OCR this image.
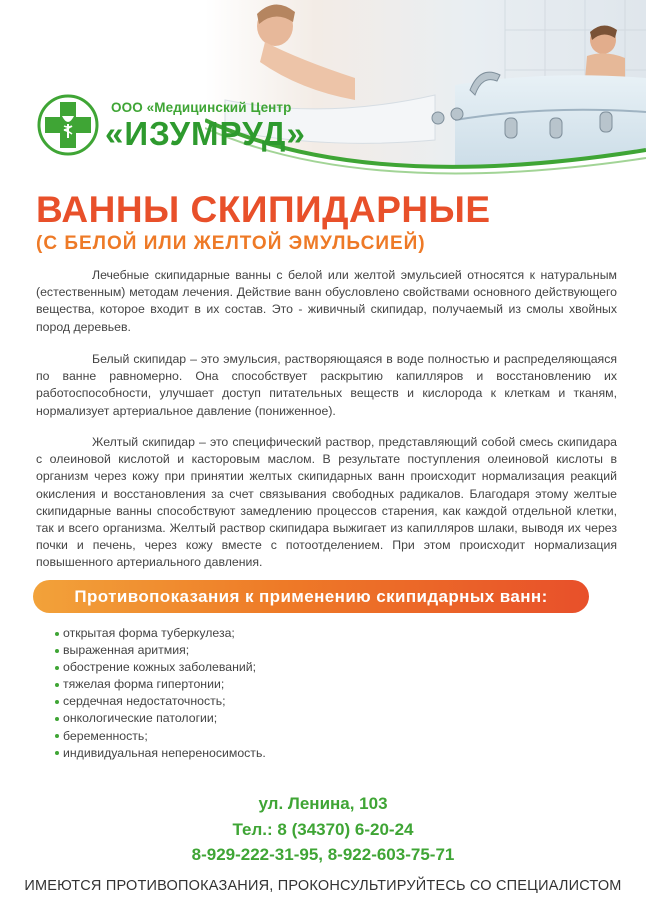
ООО «Медицинский Центр
«ИЗУМРУД»
ВАННЫ СКИПИДАРНЫЕ
(С БЕЛОЙ ИЛИ ЖЕЛТОЙ ЭМУЛЬСИЕЙ)

Лечебные скипидарные ванны с белой или желтой эмульсией относятся к натуральным (естественным) методам лечения. Действие ванн обусловлено свойствами основного действующего вещества, которое входит в их состав. Это - живичный скипидар, получаемый из смолы хвойных пород деревьев.

Белый скипидар – это эмульсия, растворяющаяся в воде полностью и распределяющаяся по ванне равномерно. Она способствует раскрытию капилляров и восстановлению их работоспособности, улучшает доступ питательных веществ и кислорода к клеткам и тканям, нормализует артериальное давление (пониженное).

Желтый скипидар – это специфический раствор, представляющий собой смесь скипидара с олеиновой кислотой и касторовым маслом. В результате поступления олеиновой кислоты в организм через кожу при принятии желтых скипидарных ванн происходит нормализация реакций окисления и восстановления за счет связывания свободных радикалов. Благодаря этому желтые скипидарные ванны способствуют замедлению процессов старения, как каждой отдельной клетки, так и всего организма. Желтый раствор скипидара выжигает из капилляров шлаки, выводя их через почки и печень, через кожу вместе с потоотделением. При этом происходит нормализация повышенного артериального давления.

Противопоказания к применению скипидарных ванн:
открытая форма туберкулеза;
выраженная аритмия;
обострение кожных заболеваний;
тяжелая форма гипертонии;
сердечная недостаточность;
онкологические патологии;
беременность;
индивидуальная непереносимость.
ул. Ленина, 103
Тел.: 8 (34370) 6-20-24
8-929-222-31-95, 8-922-603-75-71
ИМЕЮТСЯ ПРОТИВОПОКАЗАНИЯ, ПРОКОНСУЛЬТИРУЙТЕСЬ СО СПЕЦИАЛИСТОМ
